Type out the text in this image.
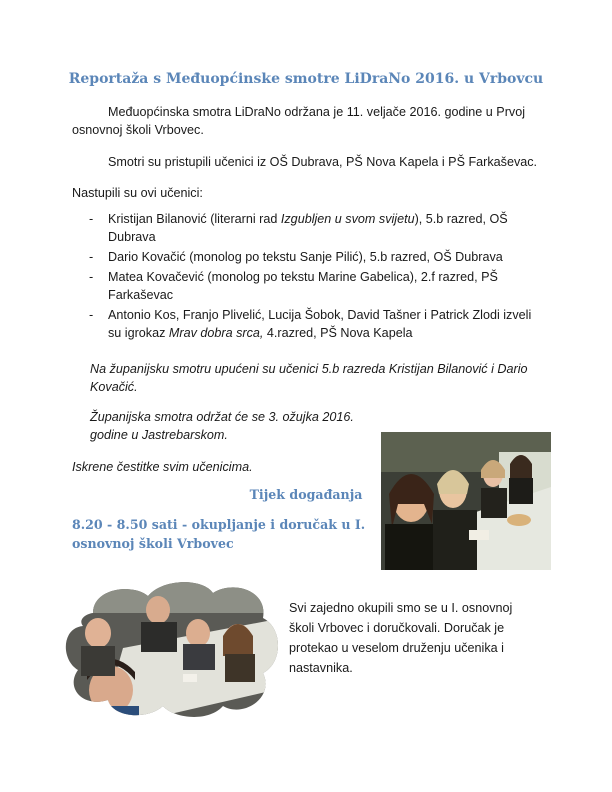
Reportaža s Međuopćinske smotre LiDraNo 2016. u Vrbovcu
Međuopćinska smotra LiDraNo održana je 11. veljače 2016. godine u Prvoj osnovnoj školi Vrbovec.
Smotri su pristupili učenici iz OŠ Dubrava, PŠ Nova Kapela i PŠ Farkaševac.
Nastupili su ovi učenici:
- Kristijan Bilanović (literarni rad Izgubljen u svom svijetu), 5.b razred, OŠ Dubrava
- Dario Kovačić (monolog po tekstu Sanje Pilić), 5.b razred, OŠ Dubrava
- Matea Kovačević (monolog po tekstu Marine Gabelica), 2.f razred, PŠ Farkaševac
- Antonio Kos, Franjo Plivelić, Lucija Šobok, David Tašner i Patrick Zlodi izveli su igrokaz Mrav dobra srca, 4.razred, PŠ Nova Kapela
Na županijsku smotru upućeni su učenici 5.b razreda Kristijan Bilanović i Dario Kovačić.
Županijska smotra održat će se 3. ožujka 2016.
godine u Jastrebarskom.
Iskrene čestitke svim učenicima.
Tijek događanja
8.20 - 8.50 sati - okupljanje i doručak u I.
osnovnoj školi Vrbovec
Svi zajedno okupili smo se u I. osnovnoj školi Vrbovec i doručkovali. Doručak je protekao u veselom druženju učenika i nastavnika.
